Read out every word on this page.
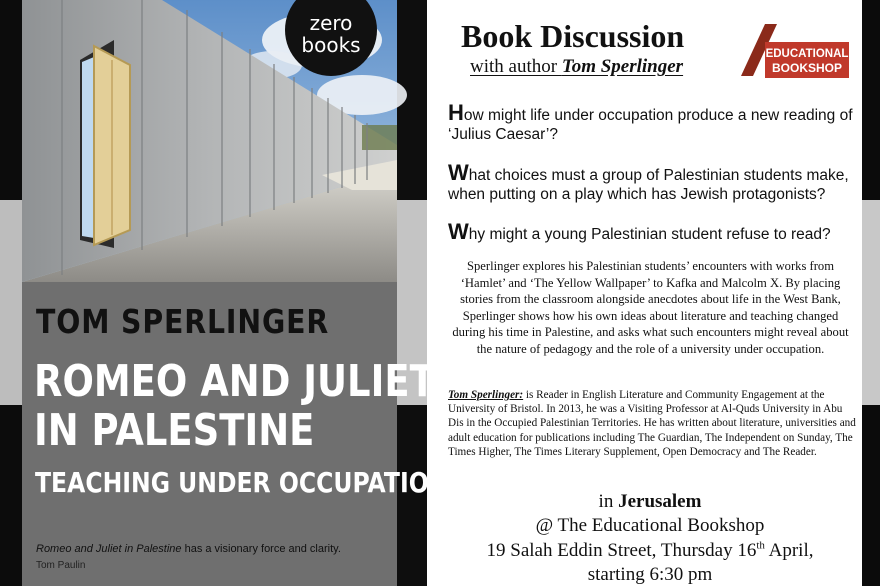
zero
books
TOM SPERLINGER
ROMEO AND JULIET
IN PALESTINE
TEACHING UNDER OCCUPATION
Romeo and Juliet in Palestine has a visionary force and clarity.
Tom Paulin
Book Discussion
with author Tom Sperlinger
EDUCATIONAL
BOOKSHOP
How might life under occupation produce a new reading of ‘Julius Caesar’?
What choices must a group of Palestinian students make, when putting on a play which has Jewish protagonists?
Why might a young Palestinian student refuse to read?
Sperlinger explores his Palestinian students’ encounters with works from ‘Hamlet’ and ‘The Yellow Wallpaper’ to Kafka and Malcolm X. By placing stories from the classroom alongside anecdotes about life in the West Bank, Sperlinger shows how his own ideas about literature and teaching changed during his time in Palestine, and asks what such encounters might reveal about the nature of pedagogy and the role of a university under occupation.
Tom Sperlinger: is Reader in English Literature and Community Engagement at the University of Bristol. In 2013, he was a Visiting Professor at Al-Quds University in Abu Dis in the Occupied Palestinian Territories. He has written about literature, universities and adult education for publications including The Guardian, The Independent on Sunday, The Times Higher, The Times Literary Supplement, Open Democracy and The Reader.
in Jerusalem
@ The Educational Bookshop
19 Salah Eddin Street, Thursday 16th April,
starting 6:30 pm
